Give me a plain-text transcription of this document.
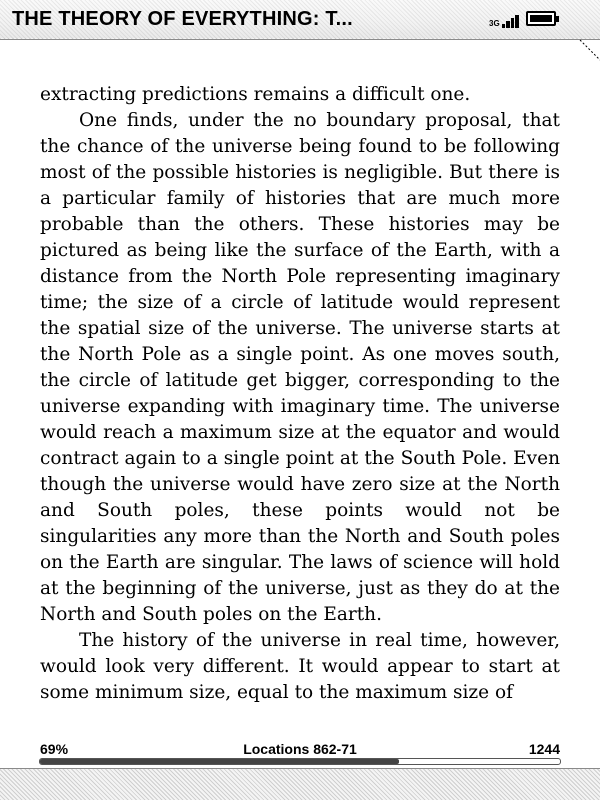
THE THEORY OF EVERYTHING: T...	3G

extracting predictions remains a difficult one.

One finds, under the no boundary proposal, that the chance of the universe being found to be following most of the possible histories is negligible. But there is a particular family of histories that are much more probable than the others. These histories may be pictured as being like the surface of the Earth, with a distance from the North Pole representing imaginary time; the size of a circle of latitude would represent the spatial size of the universe. The universe starts at the North Pole as a single point. As one moves south, the circle of latitude get bigger, corresponding to the universe expanding with imaginary time. The universe would reach a maximum size at the equator and would contract again to a single point at the South Pole. Even though the universe would have zero size at the North and South poles, these points would not be singularities any more than the North and South poles on the Earth are singular. The laws of science will hold at the beginning of the universe, just as they do at the North and South poles on the Earth.

The history of the universe in real time, however, would look very different. It would appear to start at some minimum size, equal to the maximum size of

69%	Locations 862-71	1244
